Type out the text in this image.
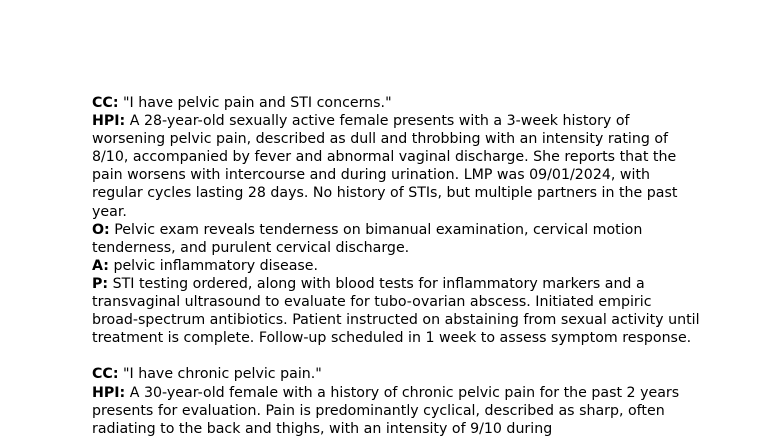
CC: "I have pelvic pain and STI concerns."

HPI: A 28-year-old sexually active female presents with a 3-week history of worsening pelvic pain, described as dull and throbbing with an intensity rating of 8/10, accompanied by fever and abnormal vaginal discharge. She reports that the pain worsens with intercourse and during urination. LMP was 09/01/2024, with regular cycles lasting 28 days. No history of STIs, but multiple partners in the past year.

O: Pelvic exam reveals tenderness on bimanual examination, cervical motion tenderness, and purulent cervical discharge.

A: pelvic inflammatory disease.

P: STI testing ordered, along with blood tests for inflammatory markers and a transvaginal ultrasound to evaluate for tubo-ovarian abscess. Initiated empiric broad-spectrum antibiotics. Patient instructed on abstaining from sexual activity until treatment is complete. Follow-up scheduled in 1 week to assess symptom response.

CC: "I have chronic pelvic pain."

HPI: A 30-year-old female with a history of chronic pelvic pain for the past 2 years presents for evaluation. Pain is predominantly cyclical, described as sharp, often radiating to the back and thighs, with an intensity of 9/10 during
